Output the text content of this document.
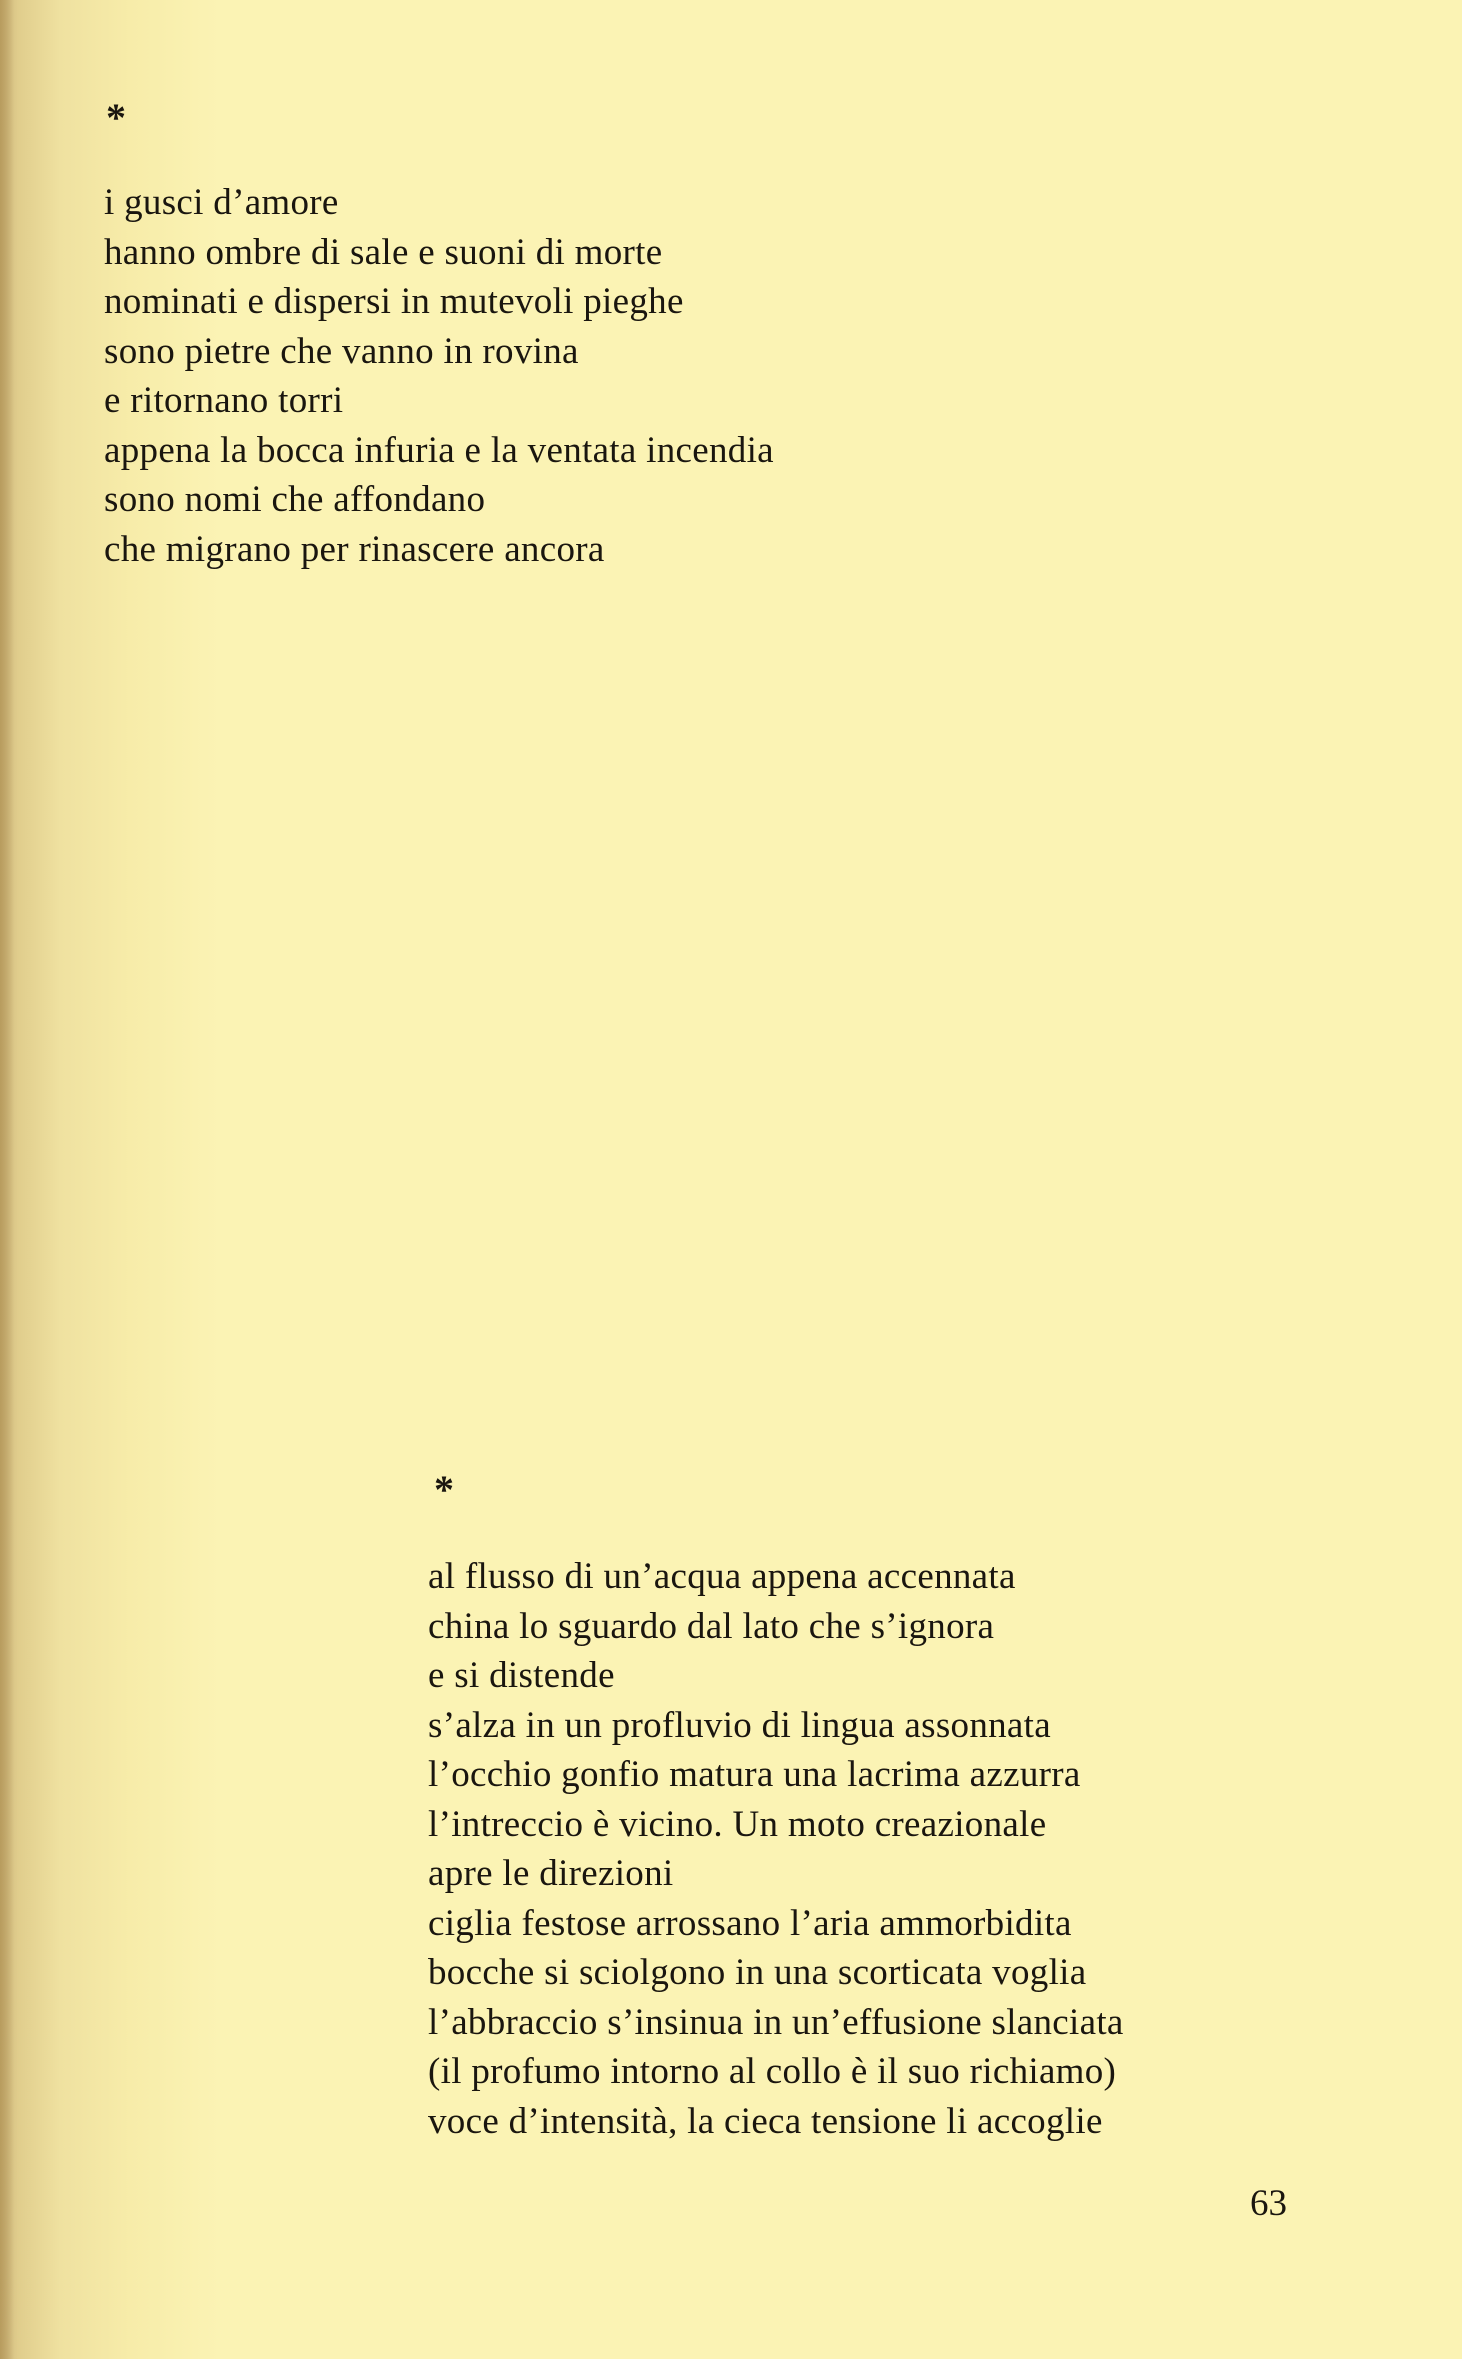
*
i gusci d’amore
hanno ombre di sale e suoni di morte
nominati e dispersi in mutevoli pieghe
sono pietre che vanno in rovina
e ritornano torri
appena la bocca infuria e la ventata incendia
sono nomi che affondano
che migrano per rinascere ancora
*
al flusso di un’acqua appena accennata
china lo sguardo dal lato che s’ignora
e si distende
s’alza in un profluvio di lingua assonnata
l’occhio gonfio matura una lacrima azzurra
l’intreccio è vicino. Un moto creazionale
apre le direzioni
ciglia festose arrossano l’aria ammorbidita
bocche si sciolgono in una scorticata voglia
l’abbraccio s’insinua in un’effusione slanciata
(il profumo intorno al collo è il suo richiamo)
voce d’intensità, la cieca tensione li accoglie
63
